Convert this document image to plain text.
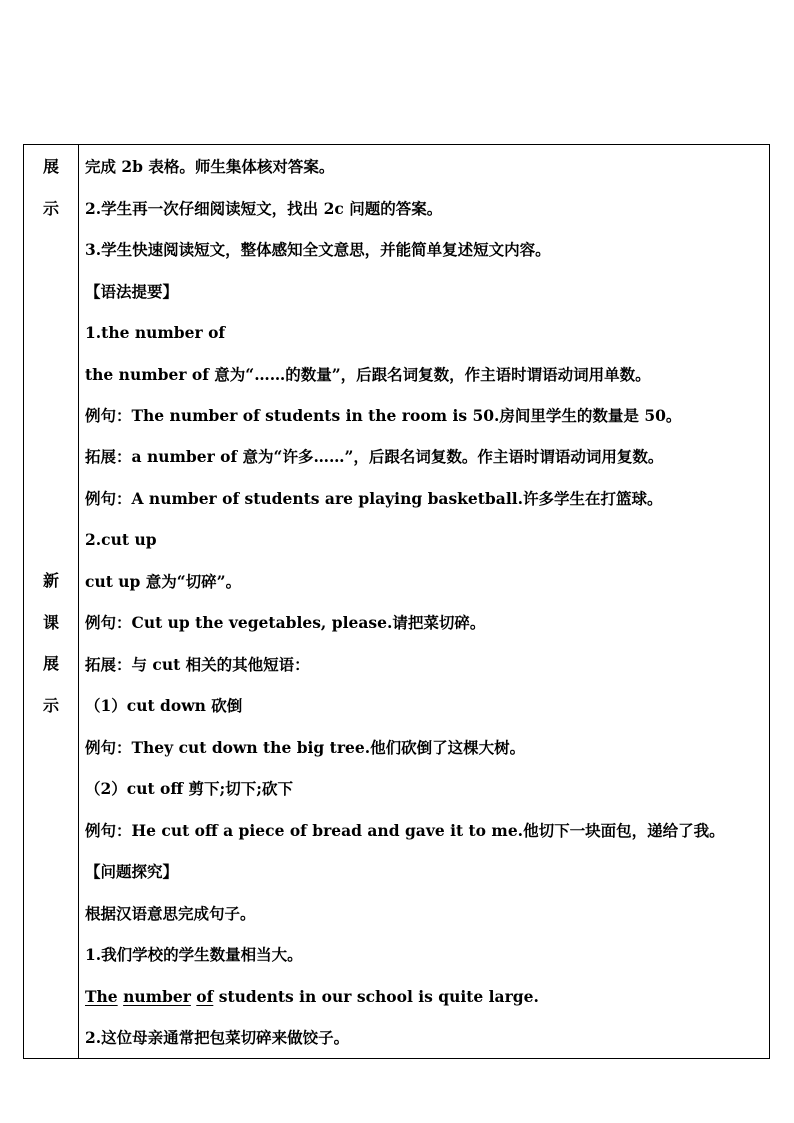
展
示
新
课
展
示
完成 2b 表格。师生集体核对答案。
2.学生再一次仔细阅读短文，找出 2c 问题的答案。
3.学生快速阅读短文，整体感知全文意思，并能简单复述短文内容。
【语法提要】
1.the number of
the number of 意为“……的数量”，后跟名词复数，作主语时谓语动词用单数。
例句：The number of students in the room is 50.房间里学生的数量是 50。
拓展：a number of 意为“许多……”，后跟名词复数。作主语时谓语动词用复数。
例句：A number of students are playing basketball.许多学生在打篮球。
2.cut up
cut up 意为“切碎”。
例句：Cut up the vegetables, please.请把菜切碎。
拓展：与 cut 相关的其他短语：
（1）cut down 砍倒
例句：They cut down the big tree.他们砍倒了这棵大树。
（2）cut off 剪下;切下;砍下
例句：He cut off a piece of bread and gave it to me.他切下一块面包，递给了我。
【问题探究】
根据汉语意思完成句子。
1.我们学校的学生数量相当大。
The number of students in our school is quite large.
2.这位母亲通常把包菜切碎来做饺子。
